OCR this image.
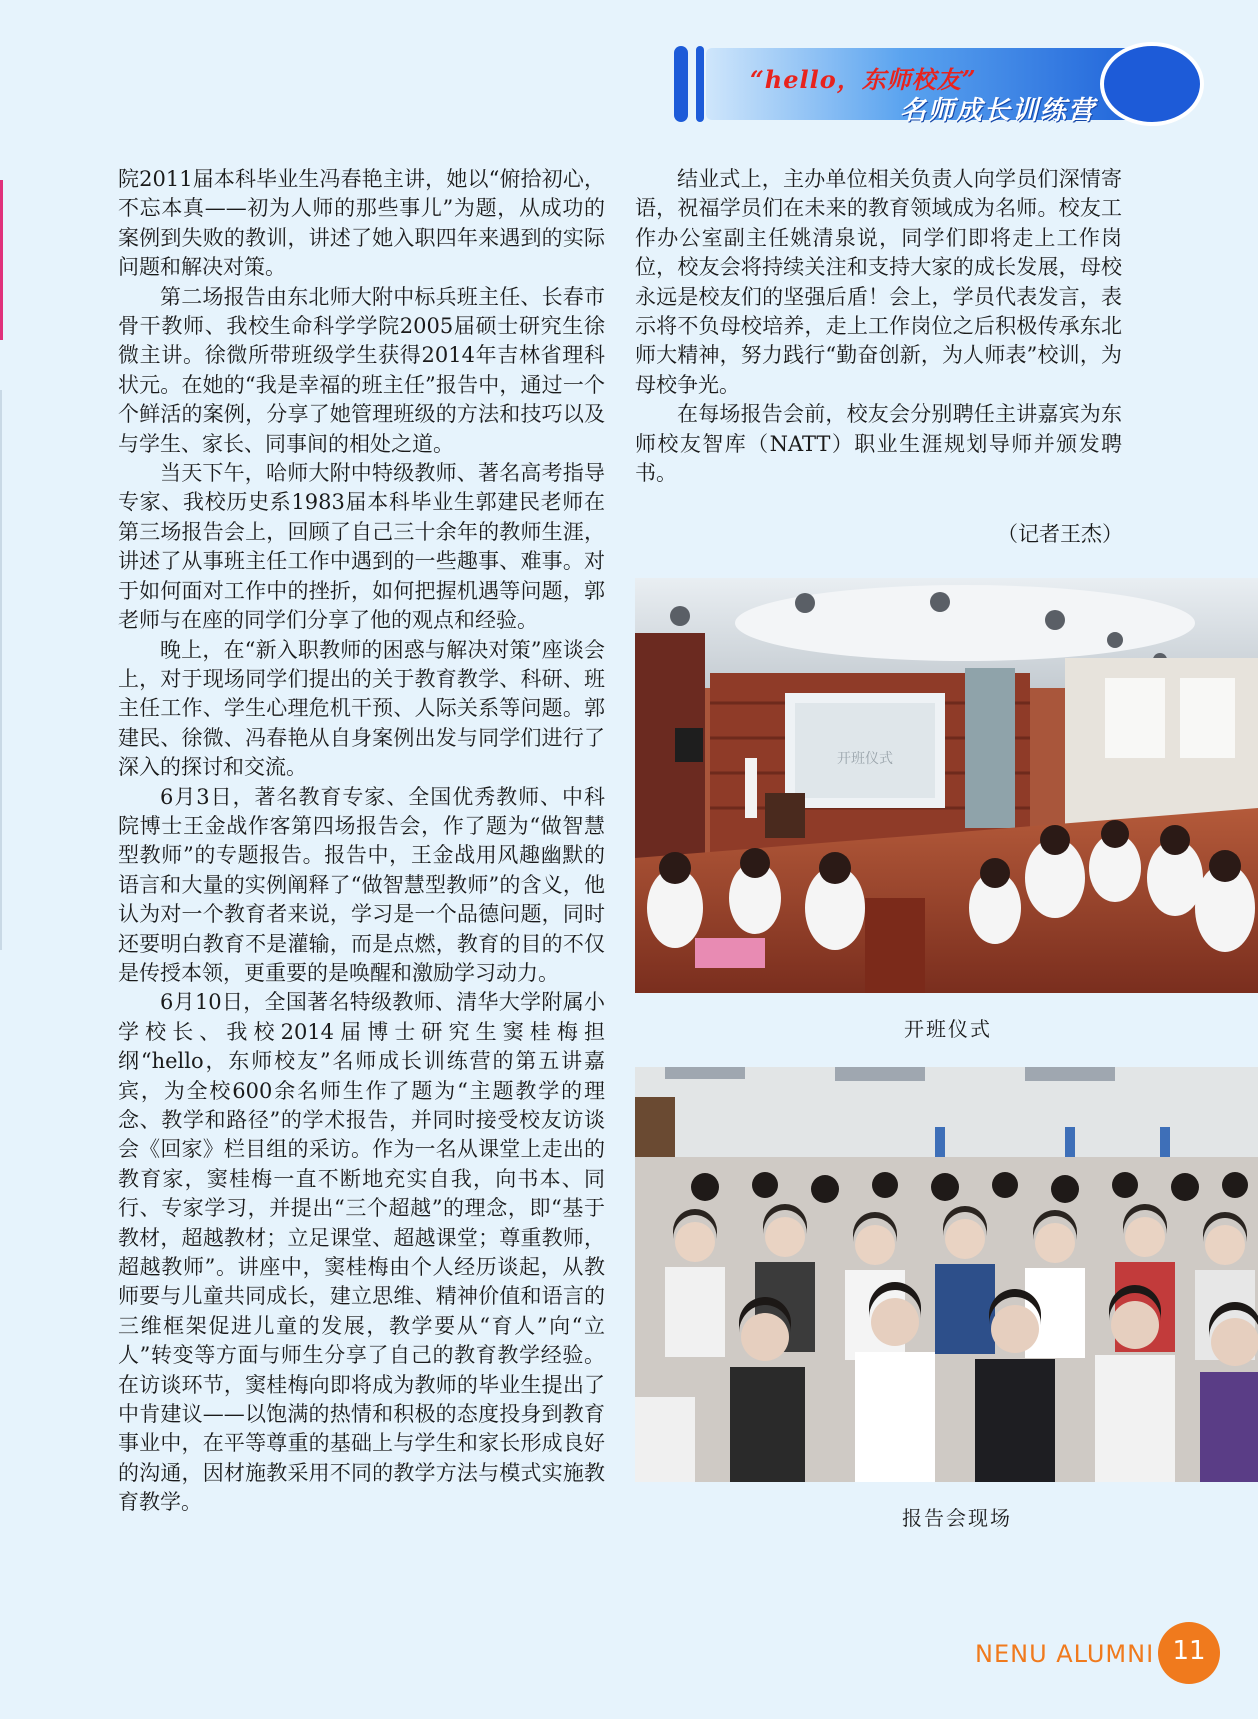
“hello，东师校友”
名师成长训练营

院2011届本科毕业生冯春艳主讲，她以“俯拾初心，不忘本真——初为人师的那些事儿”为题，从成功的案例到失败的教训，讲述了她入职四年来遇到的实际问题和解决对策。

第二场报告由东北师大附中标兵班主任、长春市骨干教师、我校生命科学学院2005届硕士研究生徐微主讲。徐微所带班级学生获得2014年吉林省理科状元。在她的“我是幸福的班主任”报告中，通过一个个鲜活的案例，分享了她管理班级的方法和技巧以及与学生、家长、同事间的相处之道。

当天下午，哈师大附中特级教师、著名高考指导专家、我校历史系1983届本科毕业生郭建民老师在第三场报告会上，回顾了自己三十余年的教师生涯，讲述了从事班主任工作中遇到的一些趣事、难事。对于如何面对工作中的挫折，如何把握机遇等问题，郭老师与在座的同学们分享了他的观点和经验。

晚上，在“新入职教师的困惑与解决对策”座谈会上，对于现场同学们提出的关于教育教学、科研、班主任工作、学生心理危机干预、人际关系等问题。郭建民、徐微、冯春艳从自身案例出发与同学们进行了深入的探讨和交流。

6月3日，著名教育专家、全国优秀教师、中科院博士王金战作客第四场报告会，作了题为“做智慧型教师”的专题报告。报告中，王金战用风趣幽默的语言和大量的实例阐释了“做智慧型教师”的含义，他认为对一个教育者来说，学习是一个品德问题，同时还要明白教育不是灌输，而是点燃，教育的目的不仅是传授本领，更重要的是唤醒和激励学习动力。

6月10日，全国著名特级教师、清华大学附属小学校长、我校2014届博士研究生窦桂梅担纲“hello，东师校友”名师成长训练营的第五讲嘉宾，为全校600余名师生作了题为“主题教学的理念、教学和路径”的学术报告，并同时接受校友访谈会《回家》栏目组的采访。作为一名从课堂上走出的教育家，窦桂梅一直不断地充实自我，向书本、同行、专家学习，并提出“三个超越”的理念，即“基于教材，超越教材；立足课堂、超越课堂；尊重教师，超越教师”。讲座中，窦桂梅由个人经历谈起，从教师要与儿童共同成长，建立思维、精神价值和语言的三维框架促进儿童的发展，教学要从“育人”向“立人”转变等方面与师生分享了自己的教育教学经验。在访谈环节，窦桂梅向即将成为教师的毕业生提出了中肯建议——以饱满的热情和积极的态度投身到教育事业中，在平等尊重的基础上与学生和家长形成良好的沟通，因材施教采用不同的教学方法与模式实施教育教学。

结业式上，主办单位相关负责人向学员们深情寄语，祝福学员们在未来的教育领域成为名师。校友工作办公室副主任姚清泉说，同学们即将走上工作岗位，校友会将持续关注和支持大家的成长发展，母校永远是校友们的坚强后盾！会上，学员代表发言，表示将不负母校培养，走上工作岗位之后积极传承东北师大精神，努力践行“勤奋创新，为人师表”校训，为母校争光。

在每场报告会前，校友会分别聘任主讲嘉宾为东师校友智库（NATT）职业生涯规划导师并颁发聘书。

（记者王杰）
开班仪式
开班仪式
报告会现场
NENU ALUMNI 11
